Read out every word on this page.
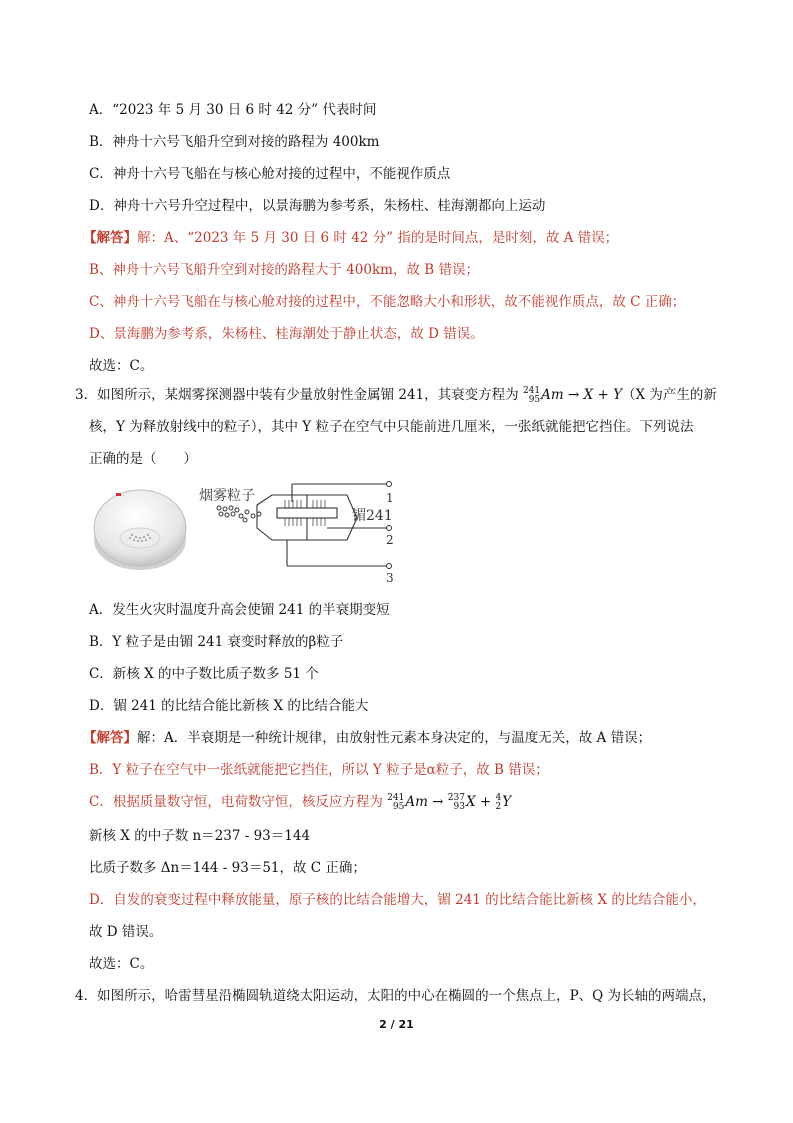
A．“2023 年 5 月 30 日 6 时 42 分” 代表时间
B．神舟十六号飞船升空到对接的路程为 400km
C．神舟十六号飞船在与核心舱对接的过程中，不能视作质点
D．神舟十六号升空过程中，以景海鹏为参考系，朱杨柱、桂海潮都向上运动
【解答】解：A、“2023 年 5 月 30 日 6 时 42 分” 指的是时间点，是时刻，故 A 错误；
B、神舟十六号飞船升空到对接的路程大于 400km，故 B 错误；
C、神舟十六号飞船在与核心舱对接的过程中，不能忽略大小和形状，故不能视作质点，故 C 正确；
D、景海鹏为参考系，朱杨柱、桂海潮处于静止状态，故 D 错误。
故选：C。
3．如图所示，某烟雾探测器中装有少量放射性金属镅 241，其衰变方程为 241
95 Am → X + Y（X 为产生的新
核，Y 为释放射线中的粒子），其中 Y 粒子在空气中只能前进几厘米，一张纸就能把它挡住。下列说法
正确的是（　　）
烟雾粒子
镅241
1
2
3
A．发生火灾时温度升高会使镅 241 的半衰期变短
B．Y 粒子是由镅 241 衰变时释放的β粒子
C．新核 X 的中子数比质子数多 51 个
D．镅 241 的比结合能比新核 X 的比结合能大
【解答】解：A．半衰期是一种统计规律，由放射性元素本身决定的，与温度无关，故 A 错误；
B．Y 粒子在空气中一张纸就能把它挡住，所以 Y 粒子是α粒子，故 B 错误；
C．根据质量数守恒，电荷数守恒，核反应方程为 241
95 Am → 237
93 X + 4
2 Y
新核 X 的中子数 n＝237 - 93＝144
比质子数多 Δn＝144 - 93＝51，故 C 正确；
D．自发的衰变过程中释放能量，原子核的比结合能增大，镅 241 的比结合能比新核 X 的比结合能小，
故 D 错误。
故选：C。
4．如图所示，哈雷彗星沿椭圆轨道绕太阳运动，太阳的中心在椭圆的一个焦点上，P、Q 为长轴的两端点，
2 / 21
